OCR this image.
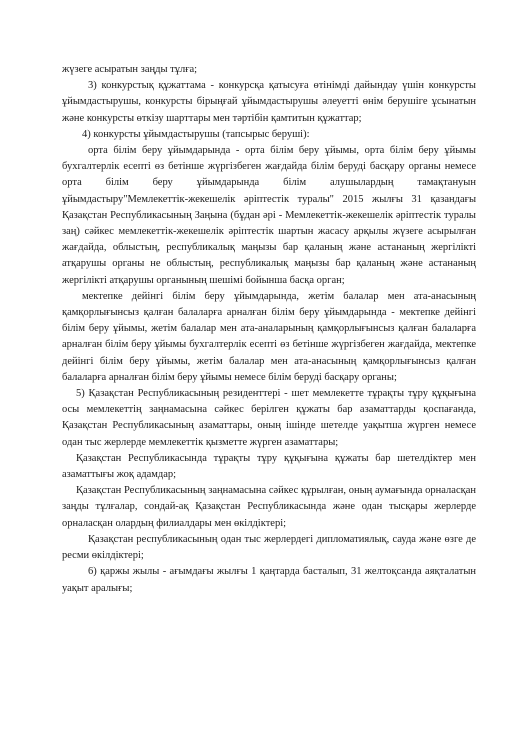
жүзеге асыратын заңды тұлға;

3) конкурстық құжаттама - конкурсқа қатысуға өтінімді дайындау үшін конкурсты ұйымдастырушы, конкурсты бірыңғай ұйымдастырушы әлеуетті өнім берушіге ұсынатын және конкурсты өткізу шарттары мен тәртібін қамтитын құжаттар;

4) конкурсты ұйымдастырушы (тапсырыс беруші):

орта білім беру ұйымдарында - орта білім беру ұйымы, орта білім беру ұйымы бухгалтерлік есепті өз бетінше жүргізбеген жағдайда білім беруді басқару органы немесе орта білім беру ұйымдарында білім алушылардың тамақтануын ұйымдастыру"Мемлекеттік-жекешелік әріптестік туралы" 2015 жылғы 31 қазандағы Қазақстан Республикасының Заңына (бұдан әрі - Мемлекеттік-жекешелік әріптестік туралы заң) сәйкес мемлекеттік-жекешелік әріптестік шартын жасасу арқылы жүзеге асырылған жағдайда, облыстың, республикалық маңызы бар қаланың және астананың жергілікті атқарушы органы не облыстың, республикалық маңызы бар қаланың және астананың жергілікті атқарушы органының шешімі бойынша басқа орган;

мектепке дейінгі білім беру ұйымдарында, жетім балалар мен ата-анасының қамқорлығынсыз қалған балаларға арналған білім беру ұйымдарында - мектепке дейінгі білім беру ұйымы, жетім балалар мен ата-аналарының қамқорлығынсыз қалған балаларға арналған білім беру ұйымы бухгалтерлік есепті өз бетінше жүргізбеген жағдайда, мектепке дейінгі білім беру ұйымы, жетім балалар мен ата-анасының қамқорлығынсыз қалған балаларға арналған білім беру ұйымы немесе білім беруді басқару органы;

5) Қазақстан Республикасының резиденттері - шет мемлекетте тұрақты тұру құқығына осы мемлекеттің заңнамасына сәйкес берілген құжаты бар азаматтарды қоспағанда, Қазақстан Республикасының азаматтары, оның ішінде шетелде уақытша жүрген немесе одан тыс жерлерде мемлекеттік қызметте жүрген азаматтары;

Қазақстан Республикасында тұрақты тұру құқығына құжаты бар шетелдіктер мен азаматтығы жоқ адамдар;

Қазақстан Республикасының заңнамасына сәйкес құрылған, оның аумағында орналасқан заңды тұлғалар, сондай-ақ Қазақстан Республикасында және одан тысқары жерлерде орналасқан олардың филиалдары мен өкілдіктері;

Қазақстан республикасының одан тыс жерлердегі дипломатиялық, сауда және өзге де ресми өкілдіктері;

6) қаржы жылы - ағымдағы жылғы 1 қаңтарда басталып, 31 желтоқсанда аяқталатын уақыт аралығы;
